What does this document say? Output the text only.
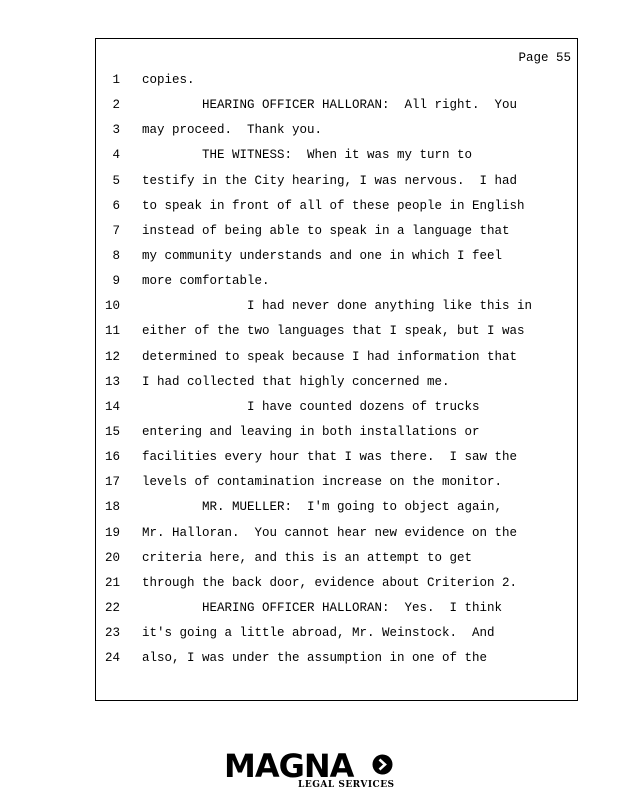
Page 55
1 copies.
2 HEARING OFFICER HALLORAN:  All right.  You
3 may proceed.  Thank you.
4 THE WITNESS:  When it was my turn to
5 testify in the City hearing, I was nervous.  I had
6 to speak in front of all of these people in English
7 instead of being able to speak in a language that
8 my community understands and one in which I feel
9 more comfortable.
10 I had never done anything like this in
11 either of the two languages that I speak, but I was
12 determined to speak because I had information that
13 I had collected that highly concerned me.
14 I have counted dozens of trucks
15 entering and leaving in both installations or
16 facilities every hour that I was there.  I saw the
17 levels of contamination increase on the monitor.
18 MR. MUELLER:  I'm going to object again,
19 Mr. Halloran.  You cannot hear new evidence on the
20 criteria here, and this is an attempt to get
21 through the back door, evidence about Criterion 2.
22 HEARING OFFICER HALLORAN:  Yes.  I think
23 it's going a little abroad, Mr. Weinstock.  And
24 also, I was under the assumption in one of the
MAGNA
LEGAL SERVICES
